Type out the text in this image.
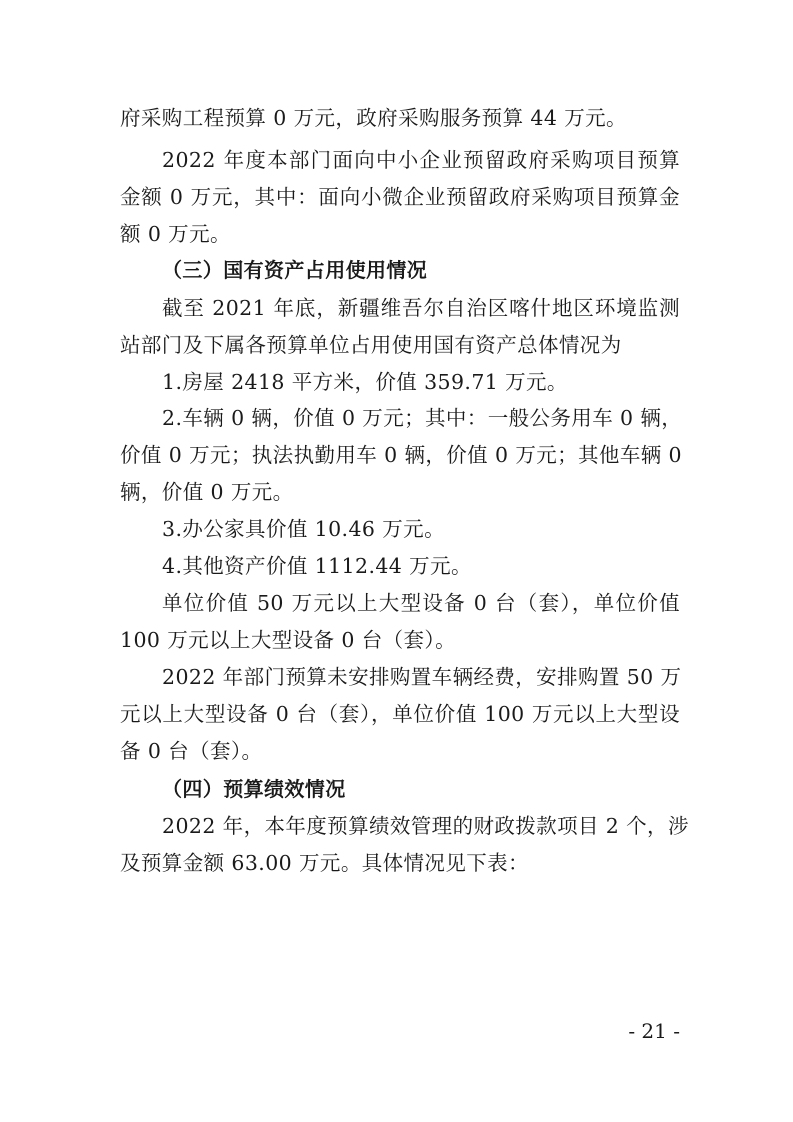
府采购工程预算 0 万元，政府采购服务预算 44 万元。
2022 年度本部门面向中小企业预留政府采购项目预算
金额 0 万元，其中：面向小微企业预留政府采购项目预算金
额 0 万元。
（三）国有资产占用使用情况
截至 2021 年底，新疆维吾尔自治区喀什地区环境监测
站部门及下属各预算单位占用使用国有资产总体情况为
1.房屋 2418 平方米，价值 359.71 万元。
2.车辆 0 辆，价值 0 万元；其中：一般公务用车 0 辆，
价值 0 万元；执法执勤用车 0 辆，价值 0 万元；其他车辆 0
辆，价值 0 万元。
3.办公家具价值 10.46 万元。
4.其他资产价值 1112.44 万元。
单位价值 50 万元以上大型设备 0 台（套），单位价值
100 万元以上大型设备 0 台（套）。
2022 年部门预算未安排购置车辆经费，安排购置 50 万
元以上大型设备 0 台（套），单位价值 100 万元以上大型设
备 0 台（套）。
（四）预算绩效情况
2022 年，本年度预算绩效管理的财政拨款项目 2 个，涉
及预算金额 63.00 万元。具体情况见下表：
- 21 -
